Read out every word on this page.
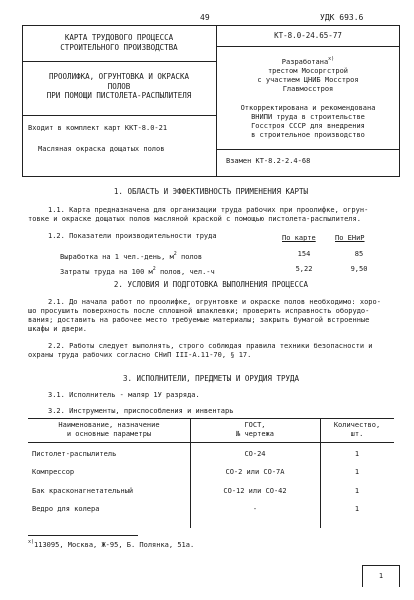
49	УДК 693.6
КАРТА ТРУДОВОГО ПРОЦЕССА
СТРОИТЕЛЬНОГО ПРОИЗВОДСТВА
ПРООЛИФКА, ОГРУНТОВКА И ОКРАСКА
ПОЛОВ
ПРИ ПОМОЩИ ПИСТОЛЕТА-РАСПЫЛИТЕЛЯ
Входит в комплект карт ККТ-8.0-21
Масляная окраска дощатых полов
КТ-8.0-24.65-77
Разработана$^{x)}$
трестом Мосоргстрой
с участием ЦНИБ Мосстроя
Главмосстроя
Откорректирована и рекомендована
ВНИПИ труда в строительстве
Госстроя СССР для внедрения
в строительное производство
Взамен КТ-8.2-2.4-68
1. ОБЛАСТЬ И ЭФФЕКТИВНОСТЬ ПРИМЕНЕНИЯ КАРТЫ
1.1. Карта предназначена для организации труда рабочих при проолифке, огрун-
товке и окраске дощатых полов масляной краской с помощью пистолета-распылителя.
1.2. Показатели производительности труда	По карте	По ЕНиР
Выработка на 1 чел.-день, $м^2$ полов	154	85
Затраты труда на 100 $м^2$ полов, чел.-ч	5,22	9,50
2. УСЛОВИЯ И ПОДГОТОВКА ВЫПОЛНЕНИЯ ПРОЦЕССА
2.1. До начала работ по проолифке, огрунтовке и окраске полов необходимо: хоро-
шо просушить поверхность после сплошной шпаклевки; проверить исправность оборудо-
вания; доставить на рабочее место требуемые материалы; закрыть бумагой встроенные
шкафы и двери.
2.2. Работы следует выполнять, строго соблюдая правила техники безопасности и
охраны труда рабочих согласно СНиП III-А.11-70, § 17.
3. ИСПОЛНИТЕЛИ, ПРЕДМЕТЫ И ОРУДИЯ ТРУДА
3.1. Исполнитель - маляр 1У разряда.
3.2. Инструменты, приспособления и инвентарь
Наименование, назначение
и основные параметры
ГОСТ,
№ чертежа
Количество,
шт.
Пистолет-распылитель	СО-24	1
Компрессор	СО-2 или СО-7А	1
Бак красконагнетательный	СО-12 или СО-42	1
Ведро для колера	-	1
$^{x)}$113095, Москва, Ж-95, Б. Полянка, 51а.
1
